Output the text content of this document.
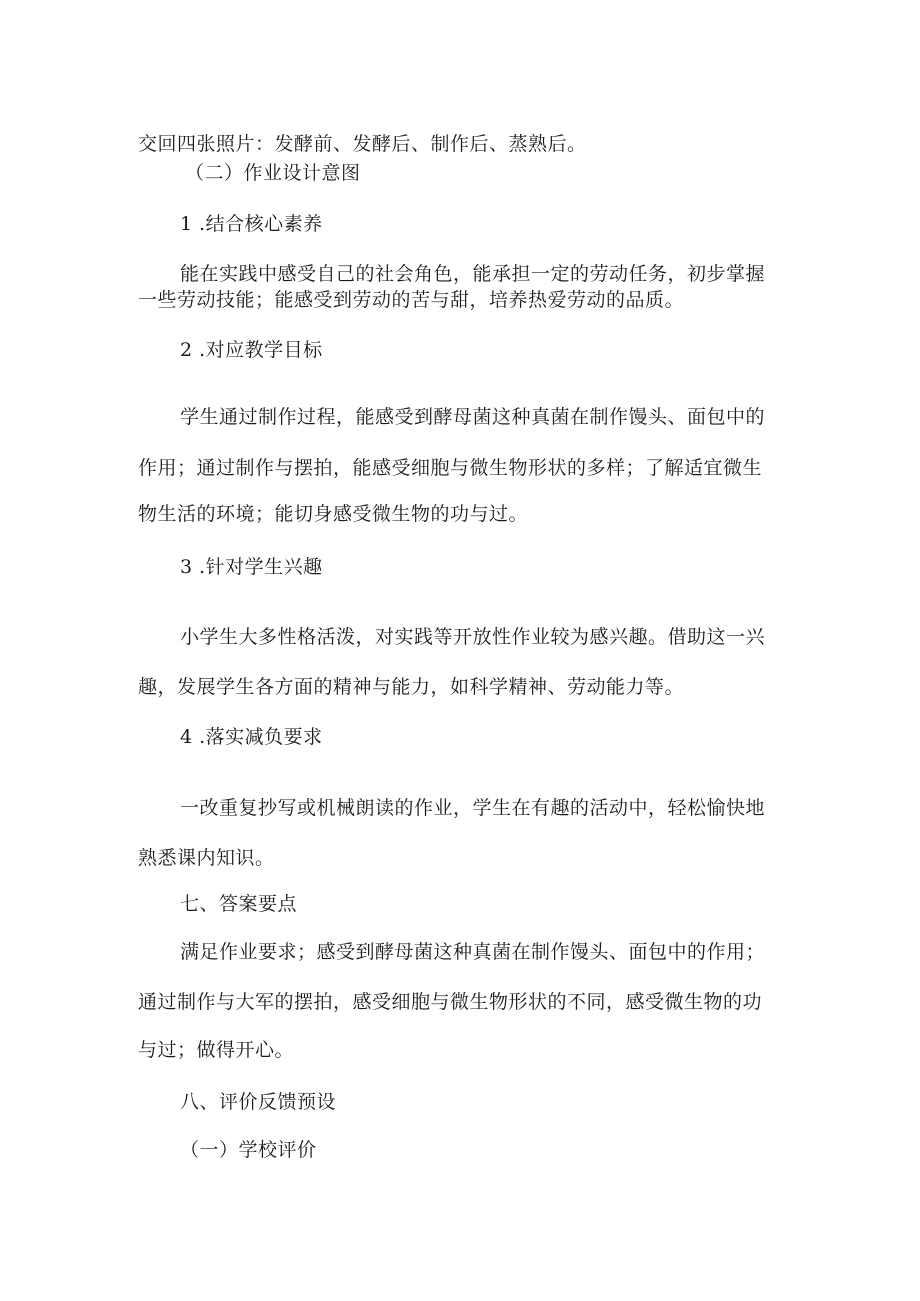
交回四张照片：发酵前、发酵后、制作后、蒸熟后。
（二）作业设计意图
1 .结合核心素养
能在实践中感受自己的社会角色，能承担一定的劳动任务，初步掌握
一些劳动技能；能感受到劳动的苦与甜，培养热爱劳动的品质。
2 .对应教学目标
学生通过制作过程，能感受到酵母菌这种真菌在制作馒头、面包中的
作用；通过制作与摆拍，能感受细胞与微生物形状的多样；了解适宜微生
物生活的环境；能切身感受微生物的功与过。
3 .针对学生兴趣
小学生大多性格活泼，对实践等开放性作业较为感兴趣。借助这一兴
趣，发展学生各方面的精神与能力，如科学精神、劳动能力等。
4 .落实减负要求
一改重复抄写或机械朗读的作业，学生在有趣的活动中，轻松愉快地
熟悉课内知识。
七、答案要点
满足作业要求；感受到酵母菌这种真菌在制作馒头、面包中的作用；
通过制作与大军的摆拍，感受细胞与微生物形状的不同，感受微生物的功
与过；做得开心。
八、评价反馈预设
（一）学校评价
